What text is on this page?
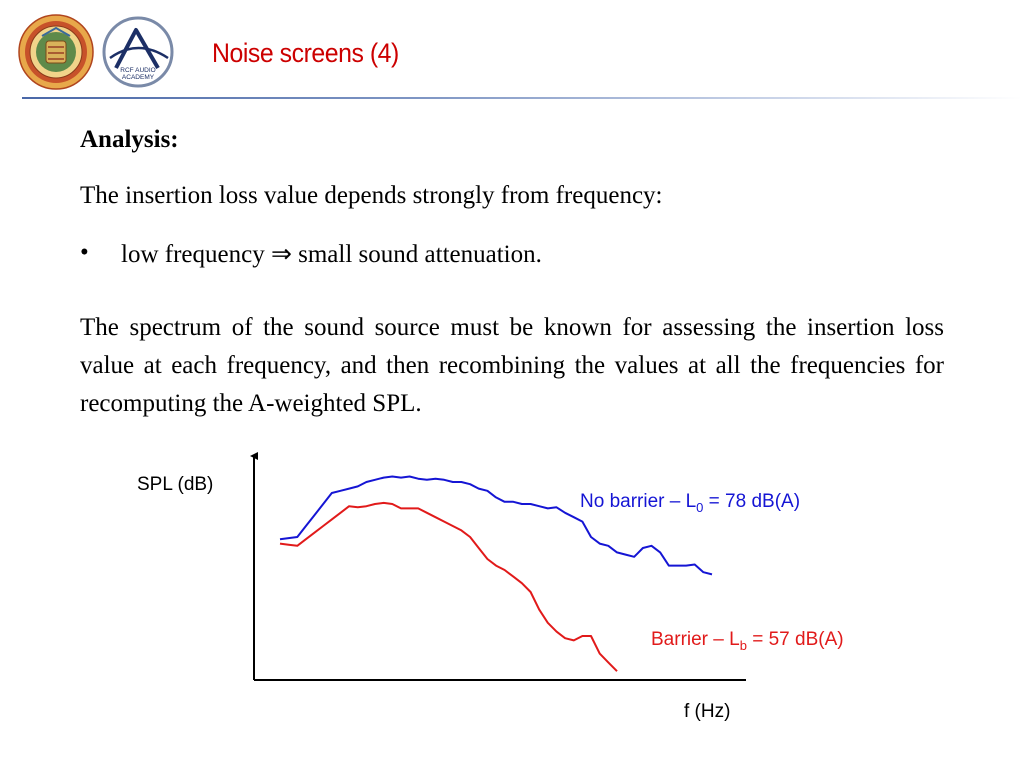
RCF AUDIO
ACADEMY
Noise screens (4)
Analysis:
The insertion loss value depends strongly from frequency:
• low frequency ⇒ small sound attenuation.
The spectrum of the sound source must be known for assessing the insertion loss value at each frequency, and then recombining the values at all the frequencies for recomputing the A-weighted SPL.
SPL (dB)
f (Hz)
No barrier – $L_0 = 78$ dB(A)
Barrier – $L_b = 57$ dB(A)
